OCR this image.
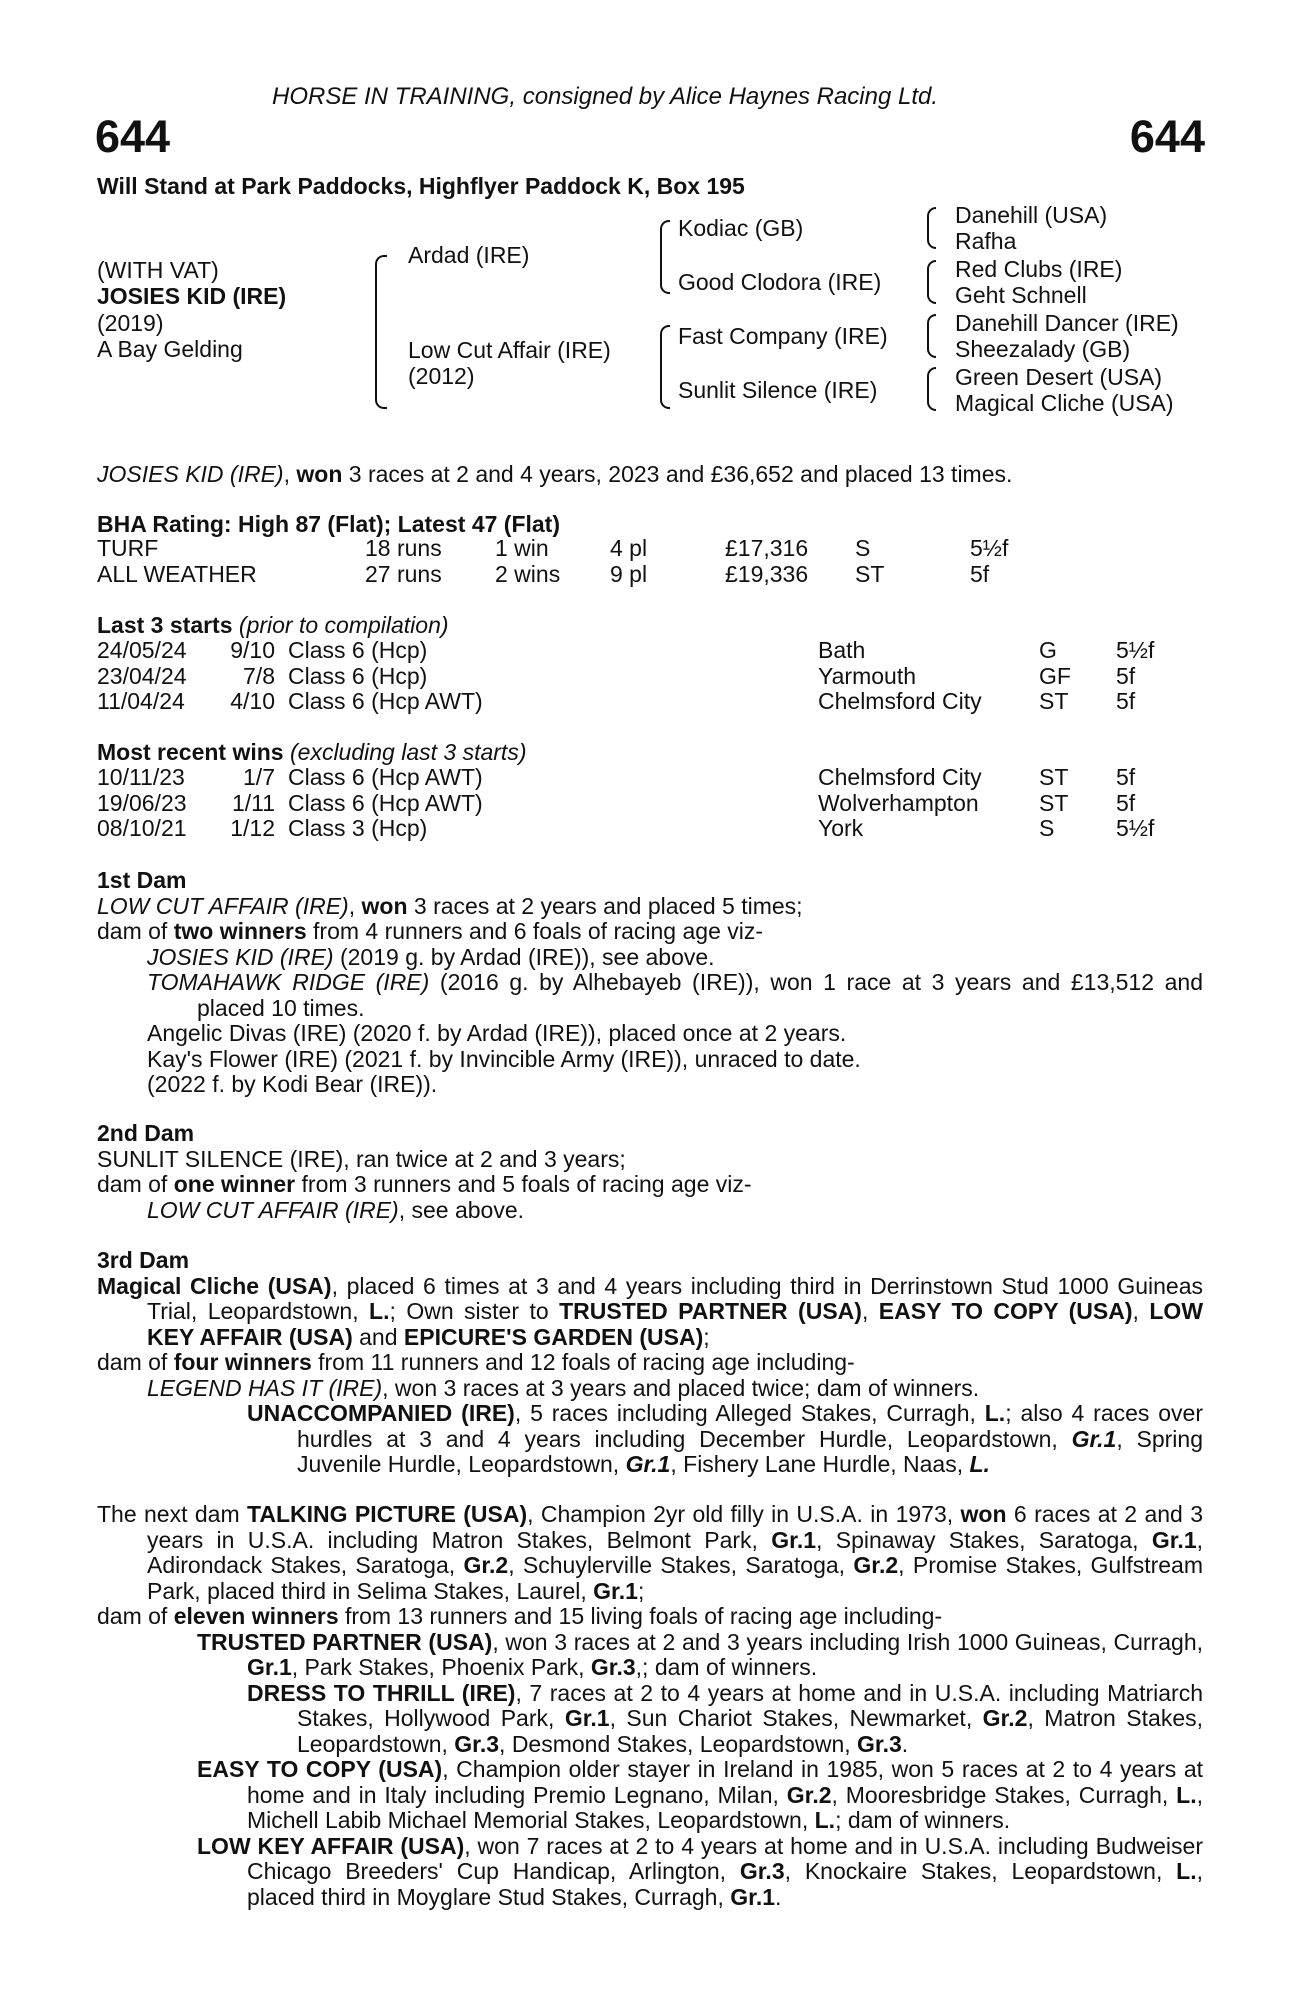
HORSE IN TRAINING, consigned by Alice Haynes Racing Ltd.
644	644
Will Stand at Park Paddocks, Highflyer Paddock K, Box 195
(WITH VAT)
JOSIES KID (IRE)
(2019)
A Bay Gelding
Ardad (IRE)
Low Cut Affair (IRE)
(2012)
Kodiac (GB)
Good Clodora (IRE)
Fast Company (IRE)
Sunlit Silence (IRE)
Danehill (USA)
Rafha
Red Clubs (IRE)
Geht Schnell
Danehill Dancer (IRE)
Sheezalady (GB)
Green Desert (USA)
Magical Cliche (USA)
JOSIES KID (IRE), won 3 races at 2 and 4 years, 2023 and £36,652 and placed 13 times.
BHA Rating: High 87 (Flat); Latest 47 (Flat)
TURF	18 runs 1 win	4 pl	£17,316 S	5½f
ALL WEATHER	27 runs 2 wins 9 pl	£19,336 ST	5f
Last 3 starts (prior to compilation)
24/05/24 9/10 Class 6 (Hcp)	Bath	G	5½f
23/04/24 7/8 Class 6 (Hcp)	Yarmouth	GF 5f
11/04/24 4/10 Class 6 (Hcp AWT)	Chelmsford City ST 5f
Most recent wins (excluding last 3 starts)
10/11/23	1/7 Class 6 (Hcp AWT)	Chelmsford City ST 5f
19/06/23 1/11 Class 6 (Hcp AWT)	Wolverhampton	ST 5f
08/10/21 1/12 Class 3 (Hcp)	York	S	5½f

1st Dam

LOW CUT AFFAIR (IRE), won 3 races at 2 years and placed 5 times;

dam of two winners from 4 runners and 6 foals of racing age viz-

JOSIES KID (IRE) (2019 g. by Ardad (IRE)), see above.

TOMAHAWK RIDGE (IRE) (2016 g. by Alhebayeb (IRE)), won 1 race at 3 years and £13,512 and placed 10 times.

Angelic Divas (IRE) (2020 f. by Ardad (IRE)), placed once at 2 years.

Kay's Flower (IRE) (2021 f. by Invincible Army (IRE)), unraced to date.

(2022 f. by Kodi Bear (IRE)).

2nd Dam

SUNLIT SILENCE (IRE), ran twice at 2 and 3 years;

dam of one winner from 3 runners and 5 foals of racing age viz-

LOW CUT AFFAIR (IRE), see above.

3rd Dam

Magical Cliche (USA), placed 6 times at 3 and 4 years including third in Derrinstown Stud 1000 Guineas Trial, Leopardstown, L.; Own sister to TRUSTED PARTNER (USA), EASY TO COPY (USA), LOW KEY AFFAIR (USA) and EPICURE'S GARDEN (USA);

dam of four winners from 11 runners and 12 foals of racing age including-

LEGEND HAS IT (IRE), won 3 races at 3 years and placed twice; dam of winners.

UNACCOMPANIED (IRE), 5 races including Alleged Stakes, Curragh, L.; also 4 races over hurdles at 3 and 4 years including December Hurdle, Leopardstown, Gr.1, Spring Juvenile Hurdle, Leopardstown, Gr.1, Fishery Lane Hurdle, Naas, L.

The next dam TALKING PICTURE (USA), Champion 2yr old filly in U.S.A. in 1973, won 6 races at 2 and 3 years in U.S.A. including Matron Stakes, Belmont Park, Gr.1, Spinaway Stakes, Saratoga, Gr.1, Adirondack Stakes, Saratoga, Gr.2, Schuylerville Stakes, Saratoga, Gr.2, Promise Stakes, Gulfstream Park, placed third in Selima Stakes, Laurel, Gr.1;

dam of eleven winners from 13 runners and 15 living foals of racing age including-

TRUSTED PARTNER (USA), won 3 races at 2 and 3 years including Irish 1000 Guineas, Curragh, Gr.1, Park Stakes, Phoenix Park, Gr.3,; dam of winners.

DRESS TO THRILL (IRE), 7 races at 2 to 4 years at home and in U.S.A. including Matriarch Stakes, Hollywood Park, Gr.1, Sun Chariot Stakes, Newmarket, Gr.2, Matron Stakes, Leopardstown, Gr.3, Desmond Stakes, Leopardstown, Gr.3.

EASY TO COPY (USA), Champion older stayer in Ireland in 1985, won 5 races at 2 to 4 years at home and in Italy including Premio Legnano, Milan, Gr.2, Mooresbridge Stakes, Curragh, L., Michell Labib Michael Memorial Stakes, Leopardstown, L.; dam of winners.

LOW KEY AFFAIR (USA), won 7 races at 2 to 4 years at home and in U.S.A. including Budweiser Chicago Breeders' Cup Handicap, Arlington, Gr.3, Knockaire Stakes, Leopardstown, L., placed third in Moyglare Stud Stakes, Curragh, Gr.1.
